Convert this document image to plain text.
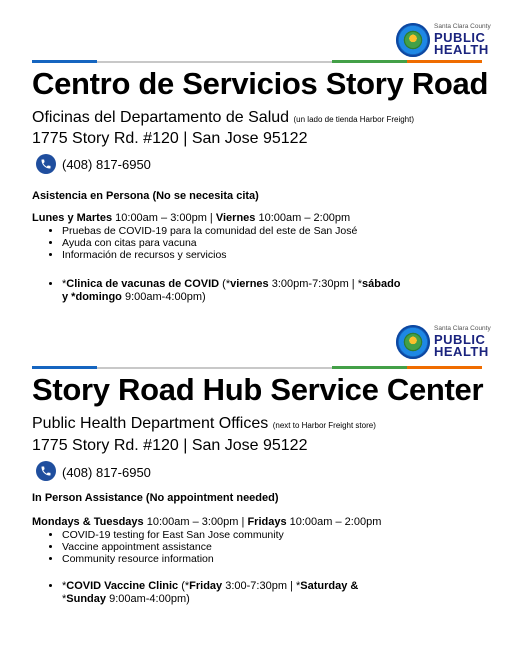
Santa Clara County
PUBLIC
HEALTH
Centro de Servicios Story Road
Oficinas del Departamento de Salud (un lado de tienda Harbor Freight)
1775 Story Rd. #120 | San Jose 95122
(408) 817-6950
Asistencia en Persona (No se necesita cita)
Lunes y Martes 10:00am – 3:00pm | Viernes 10:00am – 2:00pm
• Pruebas de COVID-19 para la comunidad del este de San José
• Ayuda con citas para vacuna
• Información de recursos y servicios
• *Clinica de vacunas de COVID (*viernes 3:00pm-7:30pm | *sábado
y *domingo 9:00am-4:00pm)
Santa Clara County
PUBLIC
HEALTH
Story Road Hub Service Center
Public Health Department Offices (next to Harbor Freight store)
1775 Story Rd. #120 | San Jose 95122
(408) 817-6950
In Person Assistance (No appointment needed)
Mondays & Tuesdays 10:00am – 3:00pm | Fridays 10:00am – 2:00pm
• COVID-19 testing for East San Jose community
• Vaccine appointment assistance
• Community resource information
• *COVID Vaccine Clinic (*Friday 3:00-7:30pm | *Saturday &
*Sunday 9:00am-4:00pm)
